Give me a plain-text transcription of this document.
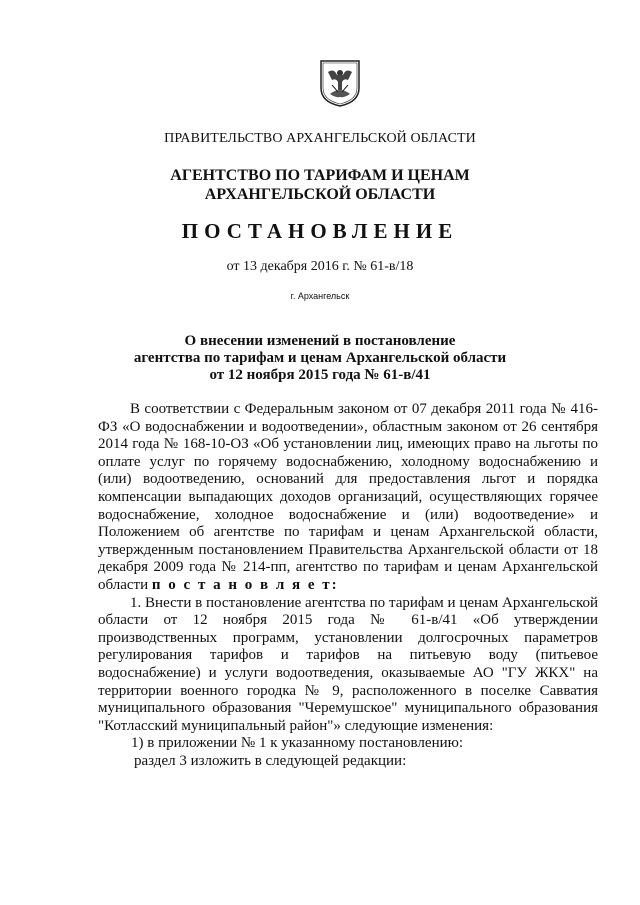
ПРАВИТЕЛЬСТВО АРХАНГЕЛЬСКОЙ ОБЛАСТИ
АГЕНТСТВО ПО ТАРИФАМ И ЦЕНАМ
АРХАНГЕЛЬСКОЙ ОБЛАСТИ
ПОСТАНОВЛЕНИЕ
от 13 декабря 2016 г. № 61-в/18
г. Архангельск
О внесении изменений в постановление
агентства по тарифам и ценам Архангельской области
от 12 ноября 2015 года № 61-в/41

В соответствии с Федеральным законом от 07 декабря 2011 года № 416-ФЗ «О водоснабжении и водоотведении», областным законом от 26 сентября 2014 года № 168-10-ОЗ «Об установлении лиц, имеющих право на льготы по оплате услуг по горячему водоснабжению, холодному водоснабжению и (или) водоотведению, оснований для предоставления льгот и порядка компенсации выпадающих доходов организаций, осуществляющих горячее водоснабжение, холодное водоснабжение и (или) водоотведение» и Положением об агентстве по тарифам и ценам Архангельской области, утвержденным постановлением Правительства Архангельской области от 18 декабря 2009 года № 214-пп, агентство по тарифам и ценам Архангельской области п о с т а н о в л я е т:

1. Внести в постановление агентства по тарифам и ценам Архангельской области от 12 ноября 2015 года № 61-в/41 «Об утверждении производственных программ, установлении долгосрочных параметров регулирования тарифов и тарифов на питьевую воду (питьевое водоснабжение) и услуги водоотведения, оказываемые АО "ГУ ЖКХ" на территории военного городка № 9, расположенного в поселке Савватия муниципального образования "Черемушское" муниципального образования "Котласский муниципальный район"» следующие изменения:

1) в приложении № 1 к указанному постановлению:

раздел 3 изложить в следующей редакции:
